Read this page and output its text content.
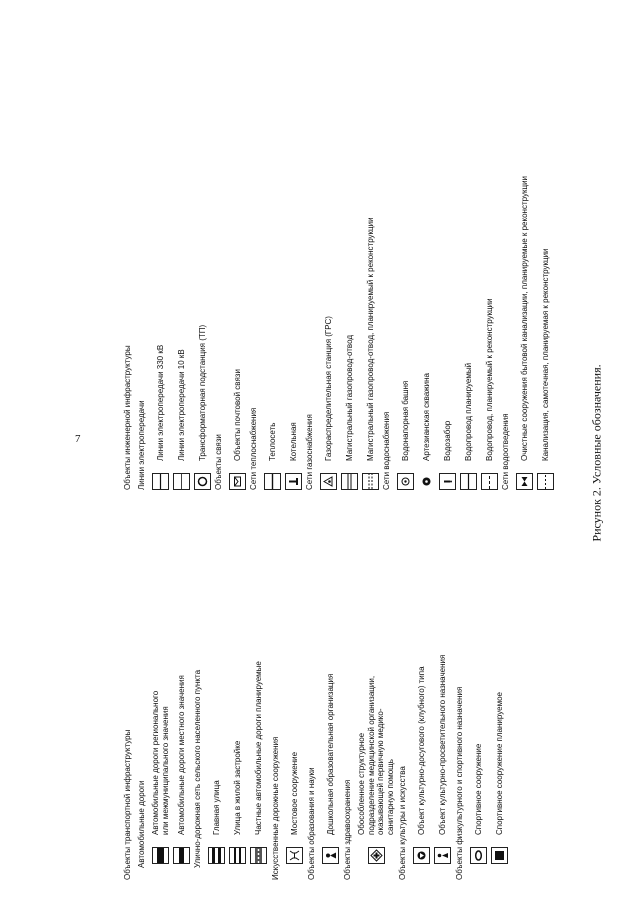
7	Рисунок 2. Условные обозначения.
Объекты транспортной инфраструктуры Автомобильные дороги Автомобильные дороги регионального или межмуниципального значения Автомобильные дороги местного значения Улично-дорожная сеть сельского населенного пункта	Главная улица Улица в жилой застройке Частные автомобильные дороги планируемые Искусственные дорожные сооружения	Мостовое сооружение Объекты образования и науки	Дошкольная образовательная организация Объекты здравоохранения Обособленное структурное подразделение медицинской организации, оказывающей первичную медико-санитарную помощь Объекты культуры и искусства	Объект культурно-досугового (клубного) типа Объект культурно-просветительного назначения Объекты физкультурного и спортивного назначения	Спортивное сооружение Спортивное сооружение планируемое
Объекты инженерной инфраструктуры Линии электропередачи	Линии электропередачи 330 кВ Линии электропередачи 10 кВ Трансформаторная подстанция (ТП)
Объекты связи
Объекты почтовой связи Сети теплоснабжения	Теплосеть Котельная Сети газоснабжения	Газораспределительная станция (ГРС) Магистральный газопровод-отвод Магистральный газопровод-отвод, планируемый к реконструкции Сети водоснабжения	Водонапорная башня Артезианская скважина Водозабор Водопровод планируемый Водопровод, планируемый к реконструкции Сети водоотведения	Очистные сооружения бытовой канализации, планируемые к реконструкции Канализация, самотечная, планируемая к реконструкции
